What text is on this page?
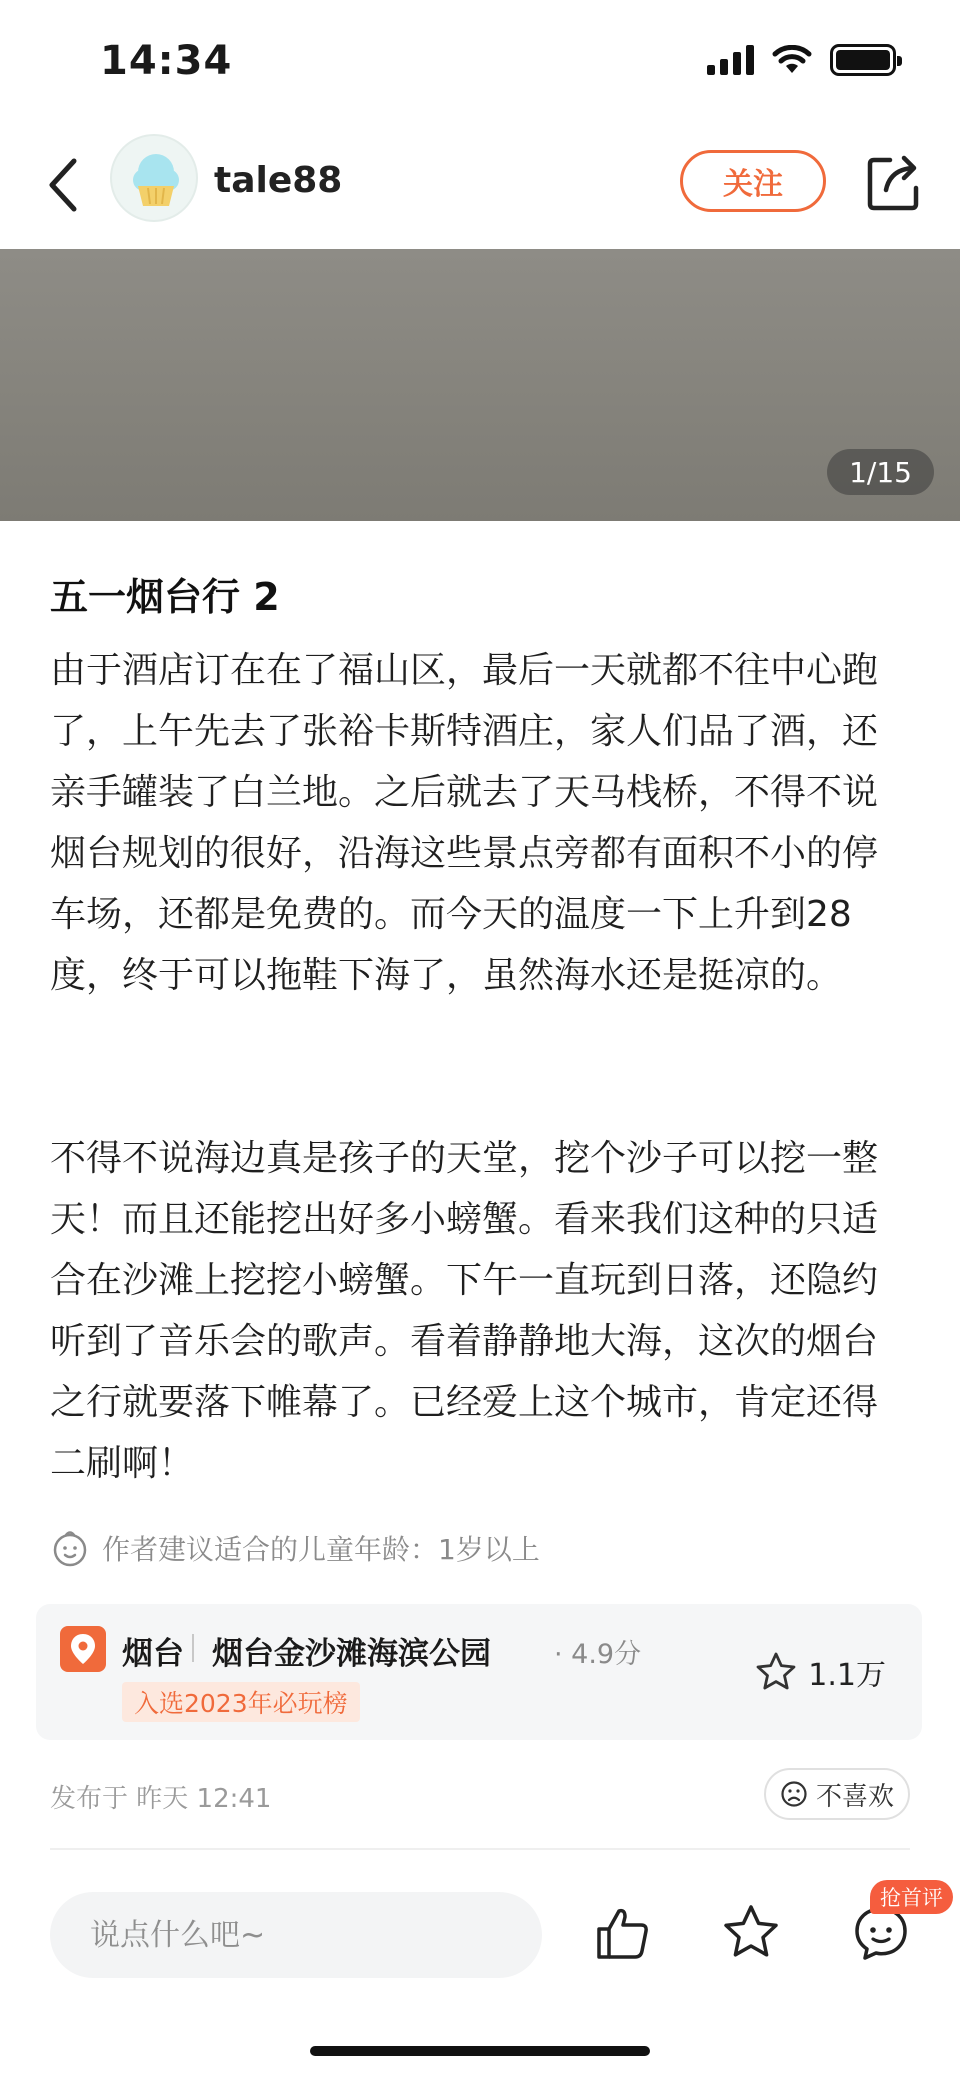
14:34
tale88	关注
1/15
五一烟台行 2

由于酒店订在在了福山区，最后一天就都不往中心跑了，上午先去了张裕卡斯特酒庄，家人们品了酒，还亲手罐装了白兰地。之后就去了天马栈桥，不得不说烟台规划的很好，沿海这些景点旁都有面积不小的停车场，还都是免费的。而今天的温度一下上升到28度，终于可以拖鞋下海了，虽然海水还是挺凉的。

不得不说海边真是孩子的天堂，挖个沙子可以挖一整天！而且还能挖出好多小螃蟹。看来我们这种的只适合在沙滩上挖挖小螃蟹。下午一直玩到日落，还隐约听到了音乐会的歌声。看着静静地大海，这次的烟台之行就要落下帷幕了。已经爱上这个城市，肯定还得二刷啊！

作者建议适合的儿童年龄：1岁以上
烟台 烟台金沙滩海滨公园 · 4.9分
入选2023年必玩榜
1.1万
发布于 昨天 12:41	不喜欢
说点什么吧~
抢首评
